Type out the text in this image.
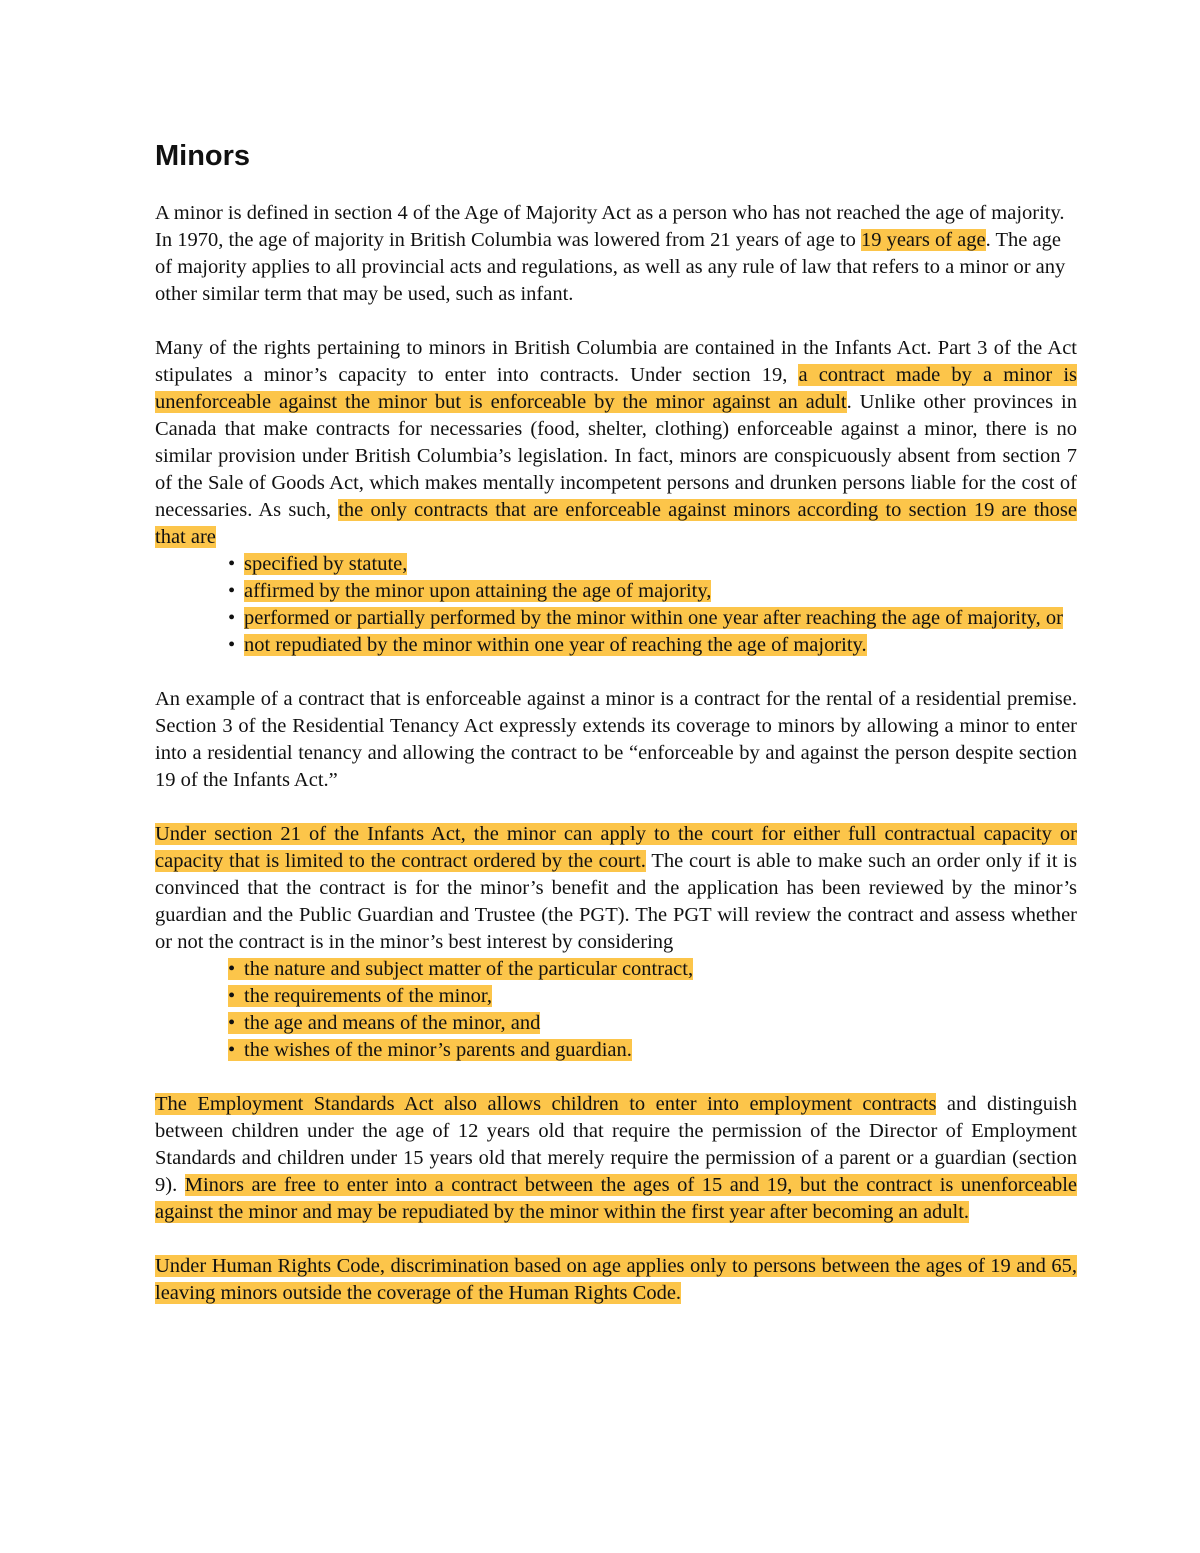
Minors

A minor is defined in section 4 of the Age of Majority Act as a person who has not reached the age of majority. In 1970, the age of majority in British Columbia was lowered from 21 years of age to 19 years of age. The age of majority applies to all provincial acts and regulations, as well as any rule of law that refers to a minor or any other similar term that may be used, such as infant.

Many of the rights pertaining to minors in British Columbia are contained in the Infants Act. Part 3 of the Act stipulates a minor’s capacity to enter into contracts. Under section 19, a contract made by a minor is unenforceable against the minor but is enforceable by the minor against an adult. Unlike other provinces in Canada that make contracts for necessaries (food, shelter, clothing) enforceable against a minor, there is no similar provision under British Columbia’s legislation. In fact, minors are conspicuously absent from section 7 of the Sale of Goods Act, which makes mentally incompetent persons and drunken persons liable for the cost of necessaries. As such, the only contracts that are enforceable against minors according to section 19 are those that are

• specified by statute,
• affirmed by the minor upon attaining the age of majority,
• performed or partially performed by the minor within one year after reaching the age of majority, or
• not repudiated by the minor within one year of reaching the age of majority.

An example of a contract that is enforceable against a minor is a contract for the rental of a residential premise. Section 3 of the Residential Tenancy Act expressly extends its coverage to minors by allowing a minor to enter into a residential tenancy and allowing the contract to be “enforceable by and against the person despite section 19 of the Infants Act.”

Under section 21 of the Infants Act, the minor can apply to the court for either full contractual capacity or capacity that is limited to the contract ordered by the court. The court is able to make such an order only if it is convinced that the contract is for the minor’s benefit and the application has been reviewed by the minor’s guardian and the Public Guardian and Trustee (the PGT). The PGT will review the contract and assess whether or not the contract is in the minor’s best interest by considering

• the nature and subject matter of the particular contract,
• the requirements of the minor,
• the age and means of the minor, and
• the wishes of the minor’s parents and guardian.

The Employment Standards Act also allows children to enter into employment contracts and distinguish between children under the age of 12 years old that require the permission of the Director of Employment Standards and children under 15 years old that merely require the permission of a parent or a guardian (section 9). Minors are free to enter into a contract between the ages of 15 and 19, but the contract is unenforceable against the minor and may be repudiated by the minor within the first year after becoming an adult.

Under Human Rights Code, discrimination based on age applies only to persons between the ages of 19 and 65, leaving minors outside the coverage of the Human Rights Code.
